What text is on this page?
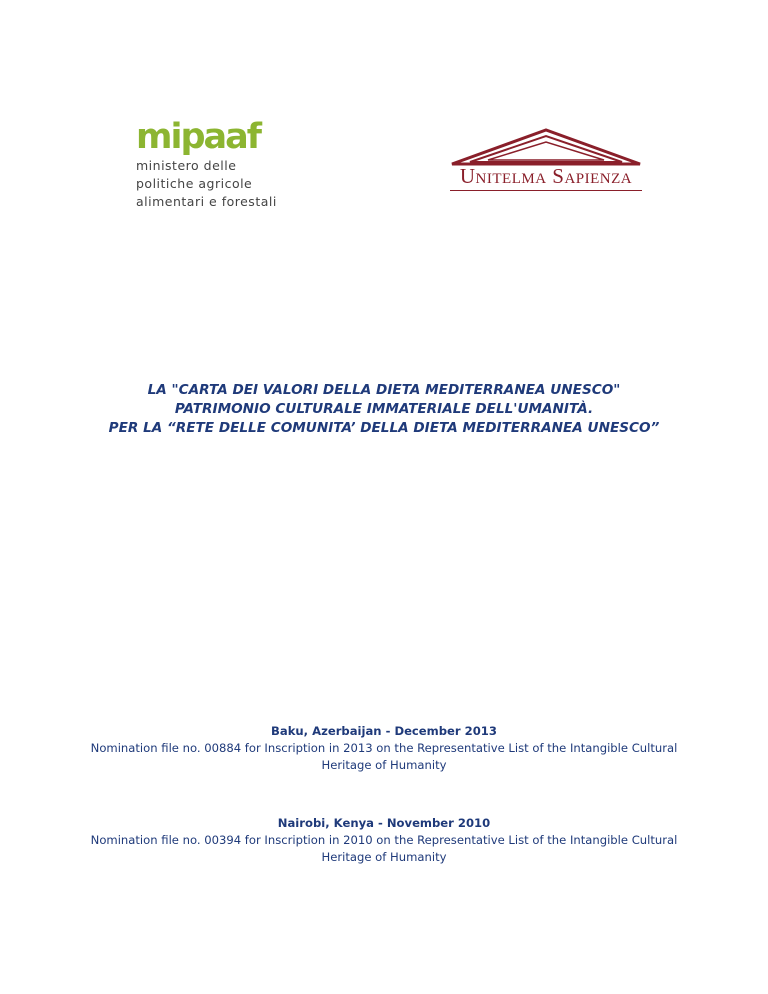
mipaaf
ministero delle
politiche agricole
alimentari e forestali
Unitelma Sapienza
LA "CARTA DEI VALORI DELLA DIETA MEDITERRANEA UNESCO"
PATRIMONIO CULTURALE IMMATERIALE DELL'UMANITÀ.
PER LA “RETE DELLE COMUNITA’ DELLA DIETA MEDITERRANEA UNESCO”
Baku, Azerbaijan - December 2013
Nomination file no. 00884 for Inscription in 2013 on the Representative List of the Intangible Cultural
Heritage of Humanity
Nairobi, Kenya - November 2010
Nomination file no. 00394 for Inscription in 2010 on the Representative List of the Intangible Cultural
Heritage of Humanity
